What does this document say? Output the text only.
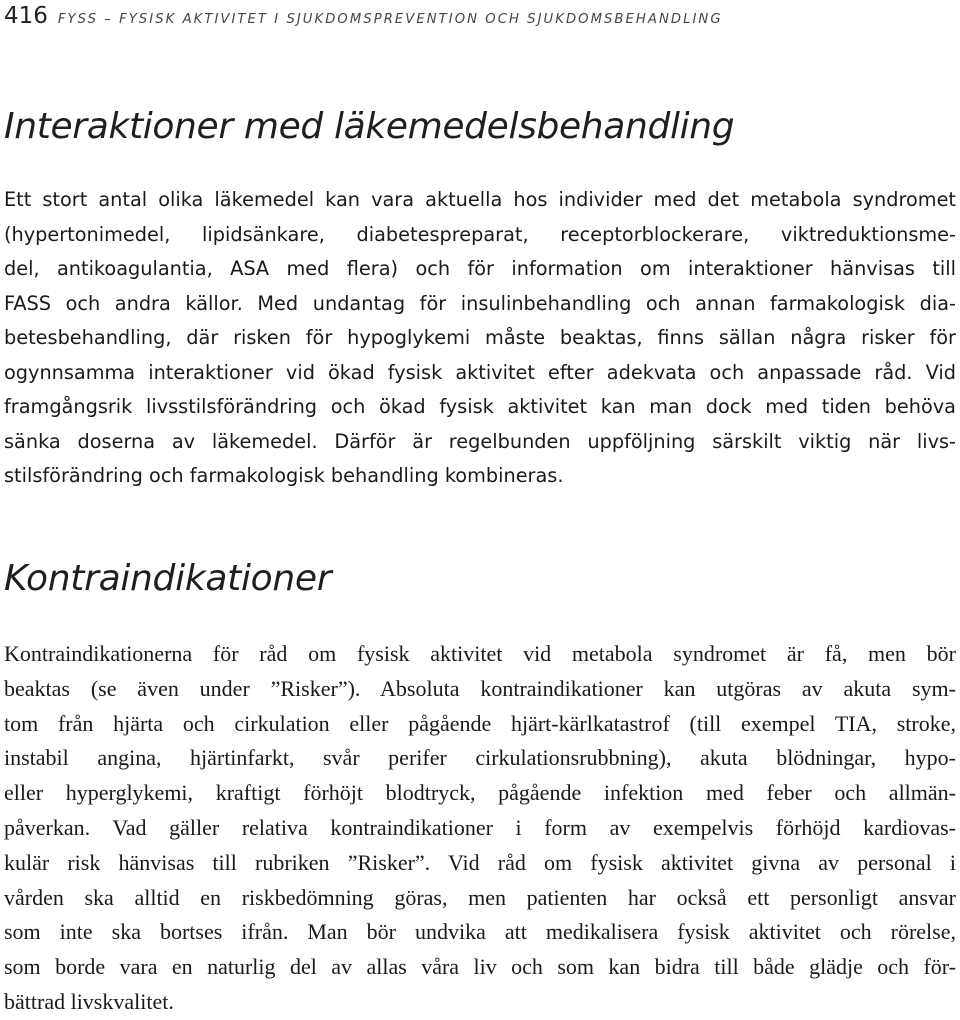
416 FYSS – FYSISK AKTIVITET I SJUKDOMSPREVENTION OCH SJUKDOMSBEHANDLING
Interaktioner med läkemedelsbehandling
Ett stort antal olika läkemedel kan vara aktuella hos individer med det metabola syndromet
(hypertonimedel, lipidsänkare, diabetespreparat, receptorblockerare, viktreduktionsme-
del, antikoagulantia, ASA med flera) och för information om interaktioner hänvisas till
FASS och andra källor. Med undantag för insulinbehandling och annan farmakologisk dia-
betesbehandling, där risken för hypoglykemi måste beaktas, finns sällan några risker för
ogynnsamma interaktioner vid ökad fysisk aktivitet efter adekvata och anpassade råd. Vid
framgångsrik livsstilsförändring och ökad fysisk aktivitet kan man dock med tiden behöva
sänka doserna av läkemedel. Därför är regelbunden uppföljning särskilt viktig när livs-
stilsförändring och farmakologisk behandling kombineras.
Kontraindikationer
Kontraindikationerna för råd om fysisk aktivitet vid metabola syndromet är få, men bör
beaktas (se även under ”Risker”). Absoluta kontraindikationer kan utgöras av akuta sym-
tom från hjärta och cirkulation eller pågående hjärt-kärlkatastrof (till exempel TIA, stroke,
instabil angina, hjärtinfarkt, svår perifer cirkulationsrubbning), akuta blödningar, hypo-
eller hyperglykemi, kraftigt förhöjt blodtryck, pågående infektion med feber och allmän-
påverkan. Vad gäller relativa kontraindikationer i form av exempelvis förhöjd kardiovas-
kulär risk hänvisas till rubriken ”Risker”. Vid råd om fysisk aktivitet givna av personal i
vården ska alltid en riskbedömning göras, men patienten har också ett personligt ansvar
som inte ska bortses ifrån. Man bör undvika att medikalisera fysisk aktivitet och rörelse,
som borde vara en naturlig del av allas våra liv och som kan bidra till både glädje och för-
bättrad livskvalitet.
